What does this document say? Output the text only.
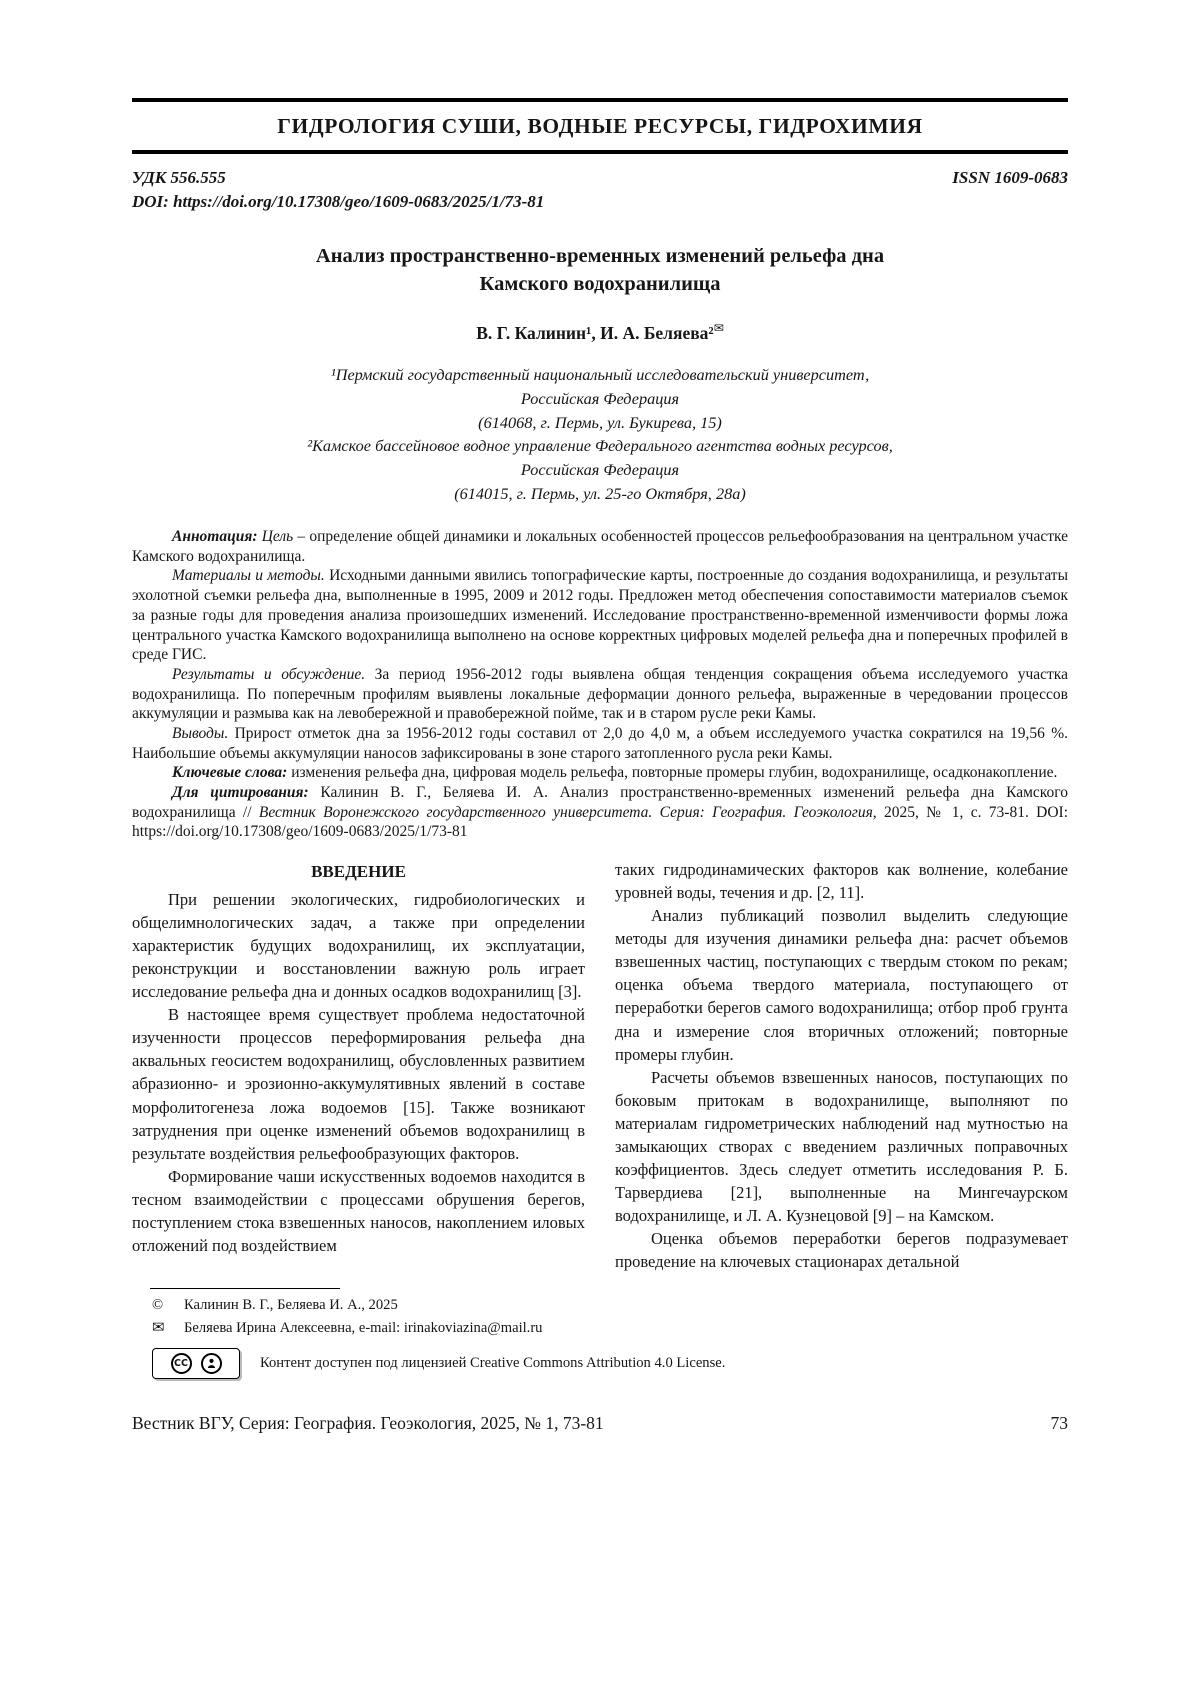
ГИДРОЛОГИЯ СУШИ, ВОДНЫЕ РЕСУРСЫ, ГИДРОХИМИЯ
УДК 556.555	ISSN 1609-0683
DOI: https://doi.org/10.17308/geo/1609-0683/2025/1/73-81
Анализ пространственно-временных изменений рельефа дна
Камского водохранилища
В. Г. Калинин¹, И. А. Беляева²✉
¹Пермский государственный национальный исследовательский университет,
Российская Федерация
(614068, г. Пермь, ул. Букирева, 15)
²Камское бассейновое водное управление Федерального агентства водных ресурсов,
Российская Федерация
(614015, г. Пермь, ул. 25-го Октября, 28а)

Аннотация: Цель – определение общей динамики и локальных особенностей процессов рельефообразования на центральном участке Камского водохранилища.

Материалы и методы. Исходными данными явились топографические карты, построенные до создания водохранилища, и результаты эхолотной съемки рельефа дна, выполненные в 1995, 2009 и 2012 годы. Предложен метод обеспечения сопоставимости материалов съемок за разные годы для проведения анализа произошедших изменений. Исследование пространственно-временной изменчивости формы ложа центрального участка Камского водохранилища выполнено на основе корректных цифровых моделей рельефа дна и поперечных профилей в среде ГИС.

Результаты и обсуждение. За период 1956-2012 годы выявлена общая тенденция сокращения объема исследуемого участка водохранилища. По поперечным профилям выявлены локальные деформации донного рельефа, выраженные в чередовании процессов аккумуляции и размыва как на левобережной и правобережной пойме, так и в старом русле реки Камы.

Выводы. Прирост отметок дна за 1956-2012 годы составил от 2,0 до 4,0 м, а объем исследуемого участка сократился на 19,56 %. Наибольшие объемы аккумуляции наносов зафиксированы в зоне старого затопленного русла реки Камы.

Ключевые слова: изменения рельефа дна, цифровая модель рельефа, повторные промеры глубин, водохранилище, осадконакопление.

Для цитирования: Калинин В. Г., Беляева И. А. Анализ пространственно-временных изменений рельефа дна Камского водохранилища // Вестник Воронежского государственного университета. Серия: География. Геоэкология, 2025, № 1, с. 73-81. DOI: https://doi.org/10.17308/geo/1609-0683/2025/1/73-81

ВВЕДЕНИЕ

При решении экологических, гидробиологических и общелимнологических задач, а также при определении характеристик будущих водохранилищ, их эксплуатации, реконструкции и восстановлении важную роль играет исследование рельефа дна и донных осадков водохранилищ [3].

В настоящее время существует проблема недостаточной изученности процессов переформирования рельефа дна аквальных геосистем водохранилищ, обусловленных развитием абразионно- и эрозионно-аккумулятивных явлений в составе морфолитогенеза ложа водоемов [15]. Также возникают затруднения при оценке изменений объемов водохранилищ в результате воздействия рельефообразующих факторов.

Формирование чаши искусственных водоемов находится в тесном взаимодействии с процессами обрушения берегов, поступлением стока взвешенных наносов, накоплением иловых отложений под воздействием

таких гидродинамических факторов как волнение, колебание уровней воды, течения и др. [2, 11].

Анализ публикаций позволил выделить следующие методы для изучения динамики рельефа дна: расчет объемов взвешенных частиц, поступающих с твердым стоком по рекам; оценка объема твердого материала, поступающего от переработки берегов самого водохранилища; отбор проб грунта дна и измерение слоя вторичных отложений; повторные промеры глубин.

Расчеты объемов взвешенных наносов, поступающих по боковым притокам в водохранилище, выполняют по материалам гидрометрических наблюдений над мутностью на замыкающих створах с введением различных поправочных коэффициентов. Здесь следует отметить исследования Р. Б. Тарвердиева [21], выполненные на Мингечаурском водохранилище, и Л. А. Кузнецовой [9] – на Камском.

Оценка объемов переработки берегов подразумевает проведение на ключевых стационарах детальной

© Калинин В. Г., Беляева И. А., 2025
✉ Беляева Ирина Алексеевна, e-mail: irinakoviazina@mail.ru
CC	Контент доступен под лицензией Creative Commons Attribution 4.0 License.
Вестник ВГУ, Серия: География. Геоэкология, 2025, № 1, 73-81	73
